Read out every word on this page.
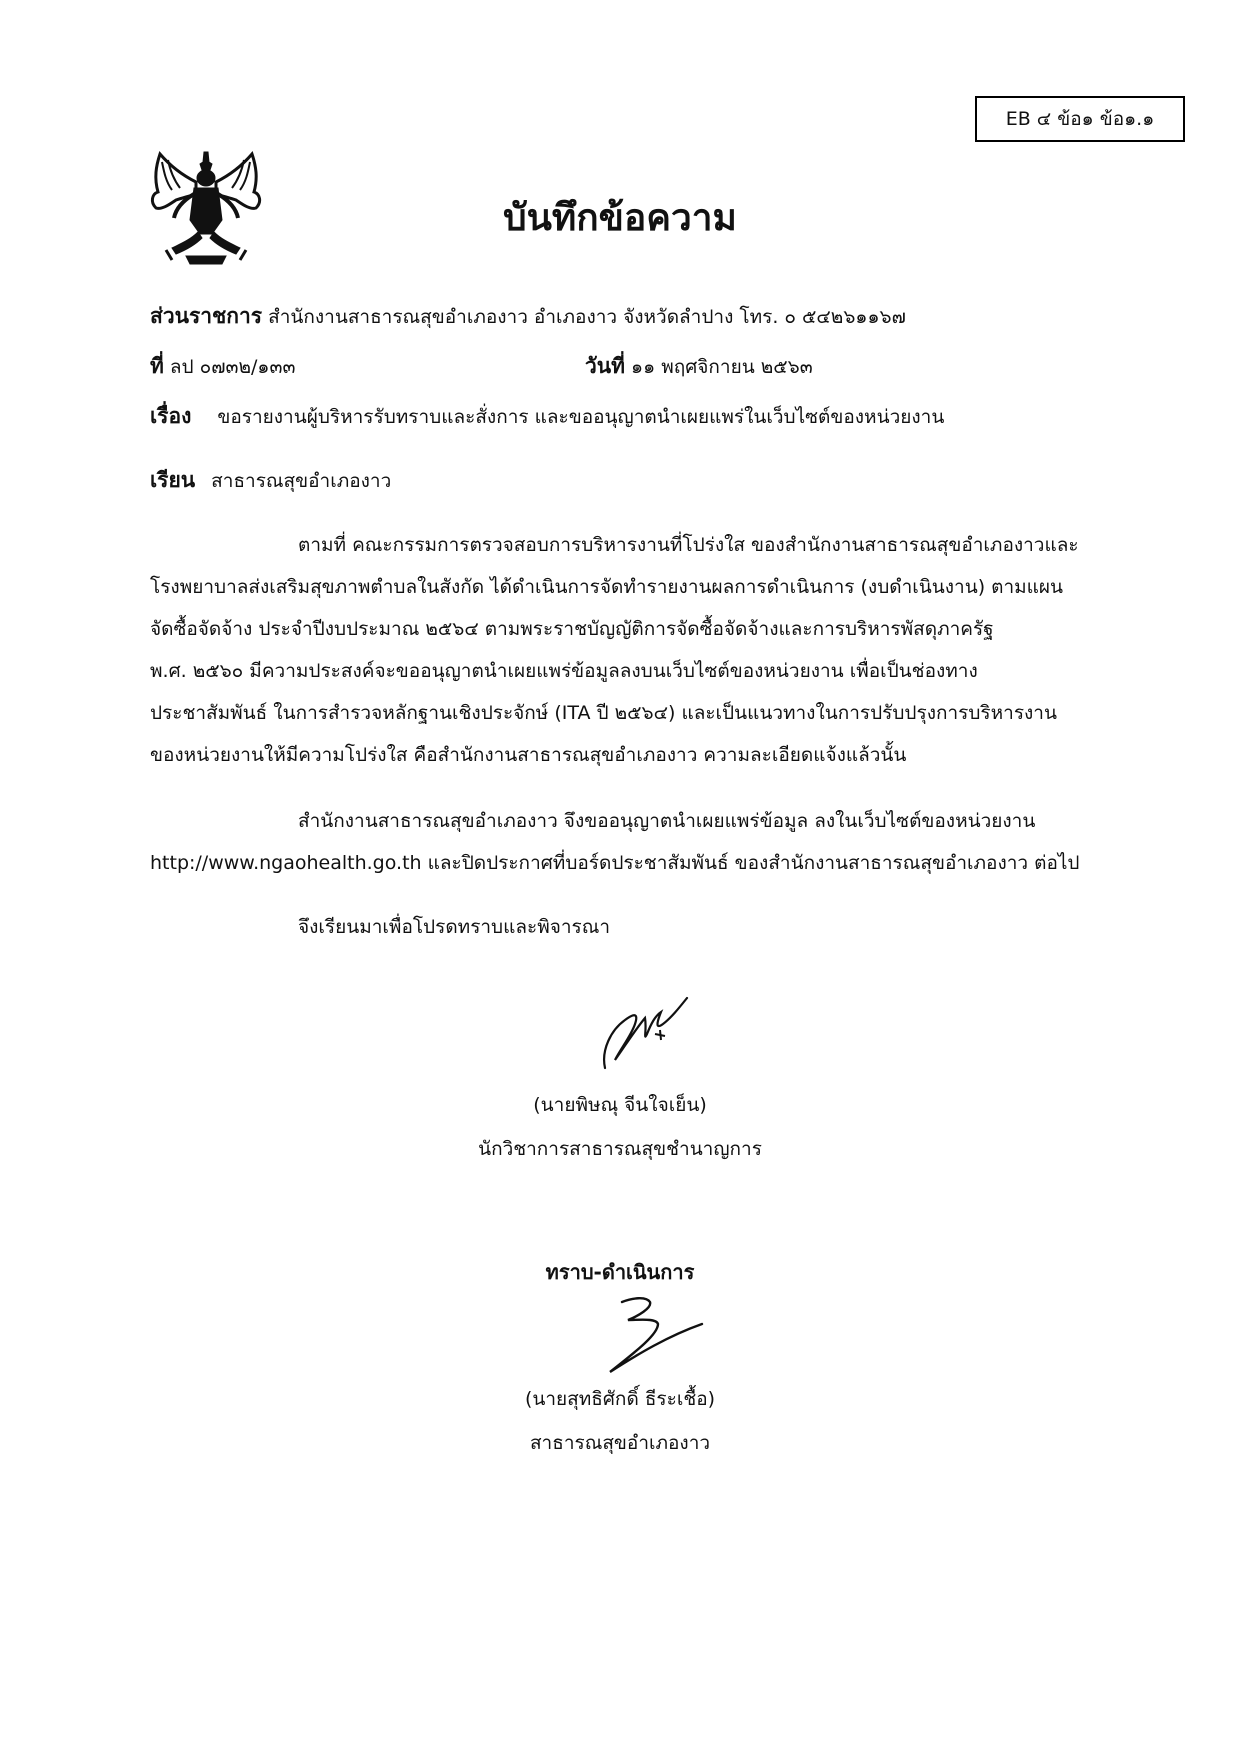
EB ๔ ข้อ๑ ข้อ๑.๑
บันทึกข้อความ
ส่วนราชการ สำนักงานสาธารณสุขอำเภองาว อำเภองาว จังหวัดลำปาง โทร. ๐ ๕๔๒๖๑๑๖๗
ที่ ลป ๐๗๓๒/๑๓๓	วันที่ ๑๑ พฤศจิกายน ๒๕๖๓
เรื่อง ขอรายงานผู้บริหารรับทราบและสั่งการ และขออนุญาตนำเผยแพร่ในเว็บไซต์ของหน่วยงาน
เรียน สาธารณสุขอำเภองาว
ตามที่ คณะกรรมการตรวจสอบการบริหารงานที่โปร่งใส ของสำนักงานสาธารณสุขอำเภองาวและ
โรงพยาบาลส่งเสริมสุขภาพตำบลในสังกัด ได้ดำเนินการจัดทำรายงานผลการดำเนินการ (งบดำเนินงาน) ตามแผน
จัดซื้อจัดจ้าง ประจำปีงบประมาณ ๒๕๖๔ ตามพระราชบัญญัติการจัดซื้อจัดจ้างและการบริหารพัสดุภาครัฐ
พ.ศ. ๒๕๖๐ มีความประสงค์จะขออนุญาตนำเผยแพร่ข้อมูลลงบนเว็บไซต์ของหน่วยงาน เพื่อเป็นช่องทาง
ประชาสัมพันธ์ ในการสำรวจหลักฐานเชิงประจักษ์ (ITA ปี ๒๕๖๔) และเป็นแนวทางในการปรับปรุงการบริหารงาน
ของหน่วยงานให้มีความโปร่งใส คือสำนักงานสาธารณสุขอำเภองาว ความละเอียดแจ้งแล้วนั้น
สำนักงานสาธารณสุขอำเภองาว จึงขออนุญาตนำเผยแพร่ข้อมูล ลงในเว็บไซต์ของหน่วยงาน
http://www.ngaohealth.go.th และปิดประกาศที่บอร์ดประชาสัมพันธ์ ของสำนักงานสาธารณสุขอำเภองาว ต่อไป
จึงเรียนมาเพื่อโปรดทราบและพิจารณา
(นายพิษณุ จีนใจเย็น)
นักวิชาการสาธารณสุขชำนาญการ
ทราบ-ดำเนินการ
(นายสุทธิศักดิ์ ธีระเชื้อ)
สาธารณสุขอำเภองาว
